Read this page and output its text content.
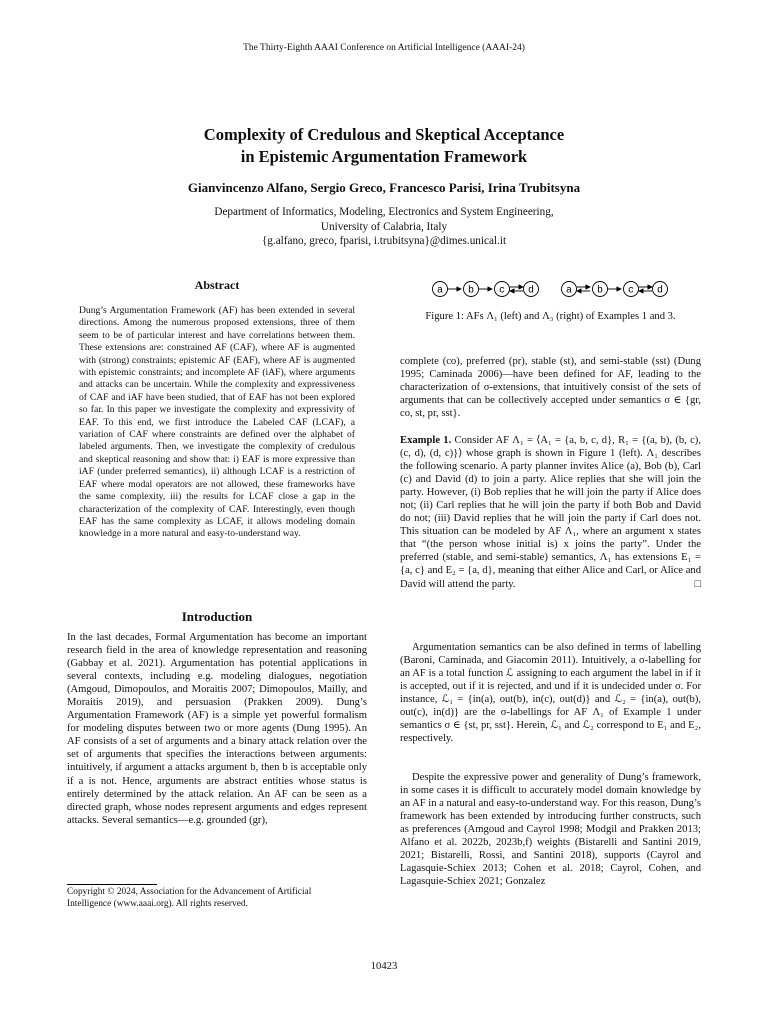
The Thirty-Eighth AAAI Conference on Artificial Intelligence (AAAI-24)
Complexity of Credulous and Skeptical Acceptance
in Epistemic Argumentation Framework
Gianvincenzo Alfano, Sergio Greco, Francesco Parisi, Irina Trubitsyna
Department of Informatics, Modeling, Electronics and System Engineering,
University of Calabria, Italy
{g.alfano, greco, fparisi, i.trubitsyna}@dimes.unical.it
Abstract
Dung’s Argumentation Framework (AF) has been extended in several directions. Among the numerous proposed extensions, three of them seem to be of particular interest and have correlations between them. These extensions are: constrained AF (CAF), where AF is augmented with (strong) constraints; epistemic AF (EAF), where AF is augmented with epistemic constraints; and incomplete AF (iAF), where arguments and attacks can be uncertain. While the complexity and expressiveness of CAF and iAF have been studied, that of EAF has not been explored so far. In this paper we investigate the complexity and expressivity of EAF. To this end, we first introduce the Labeled CAF (LCAF), a variation of CAF where constraints are defined over the alphabet of labeled arguments. Then, we investigate the complexity of credulous and skeptical reasoning and show that: i) EAF is more expressive than iAF (under preferred semantics), ii) although LCAF is a restriction of EAF where modal operators are not allowed, these frameworks have the same complexity, iii) the results for LCAF close a gap in the characterization of the complexity of CAF. Interestingly, even though EAF has the same complexity as LCAF, it allows modeling domain knowledge in a more natural and easy-to-understand way.
Introduction
In the last decades, Formal Argumentation has become an important research field in the area of knowledge representation and reasoning (Gabbay et al. 2021). Argumentation has potential applications in several contexts, including e.g. modeling dialogues, negotiation (Amgoud, Dimopoulos, and Moraitis 2007; Dimopoulos, Mailly, and Moraitis 2019), and persuasion (Prakken 2009). Dung’s Argumentation Framework (AF) is a simple yet powerful formalism for modeling disputes between two or more agents (Dung 1995). An AF consists of a set of arguments and a binary attack relation over the set of arguments that specifies the interactions between arguments: intuitively, if argument a attacks argument b, then b is acceptable only if a is not. Hence, arguments are abstract entities whose status is entirely determined by the attack relation. An AF can be seen as a directed graph, whose nodes represent arguments and edges represent attacks. Several semantics—e.g. grounded (gr),
Copyright © 2024, Association for the Advancement of Artificial
Intelligence (www.aaai.org). All rights reserved.
a b c d	a b c d
Figure 1: AFs Λ₁ (left) and Λ₃ (right) of Examples 1 and 3.
complete (co), preferred (pr), stable (st), and semi-stable (sst) (Dung 1995; Caminada 2006)—have been defined for AF, leading to the characterization of σ-extensions, that intuitively consist of the sets of arguments that can be collectively accepted under semantics σ ∈ {gr, co, st, pr, sst}.
Example 1. Consider AF Λ₁ = ⟨A₁ = {a, b, c, d}, R₁ = {(a, b), (b, c), (c, d), (d, c)}⟩ whose graph is shown in Figure 1 (left). Λ₁ describes the following scenario. A party planner invites Alice (a), Bob (b), Carl (c) and David (d) to join a party. Alice replies that she will join the party. However, (i) Bob replies that he will join the party if Alice does not; (ii) Carl replies that he will join the party if both Bob and David do not; (iii) David replies that he will join the party if Carl does not. This situation can be modeled by AF Λ₁, where an argument x states that “(the person whose initial is) x joins the party”. Under the preferred (stable, and semi-stable) semantics, Λ₁ has extensions E₁ = {a, c} and E₂ = {a, d}, meaning that either Alice and Carl, or Alice and David will attend the party.	□
Argumentation semantics can be also defined in terms of labelling (Baroni, Caminada, and Giacomin 2011). Intuitively, a σ-labelling for an AF is a total function ℒ assigning to each argument the label in if it is accepted, out if it is rejected, and und if it is undecided under σ. For instance, ℒ₁ = {in(a), out(b), in(c), out(d)} and ℒ₂ = {in(a), out(b), out(c), in(d)} are the σ-labellings for AF Λ₁ of Example 1 under semantics σ ∈ {st, pr, sst}. Herein, ℒ₁ and ℒ₂ correspond to E₁ and E₂, respectively.
Despite the expressive power and generality of Dung’s framework, in some cases it is difficult to accurately model domain knowledge by an AF in a natural and easy-to-understand way. For this reason, Dung’s framework has been extended by introducing further constructs, such as preferences (Amgoud and Cayrol 1998; Modgil and Prakken 2013; Alfano et al. 2022b, 2023b,f) weights (Bistarelli and Santini 2019, 2021; Bistarelli, Rossi, and Santini 2018), supports (Cayrol and Lagasquie-Schiex 2013; Cohen et al. 2018; Cayrol, Cohen, and Lagasquie-Schiex 2021; Gonzalez
10423
